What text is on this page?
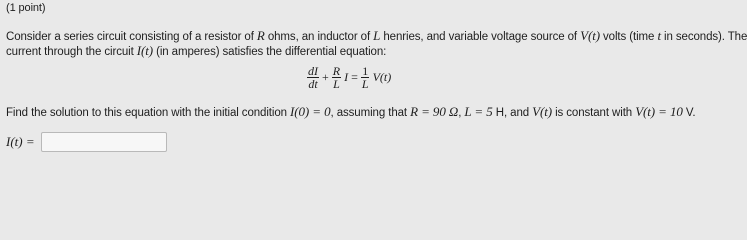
(1 point)
Consider a series circuit consisting of a resistor of R ohms, an inductor of L henries, and variable voltage source of V(t) volts (time t in seconds). The
current through the circuit I(t) (in amperes) satisfies the differential equation:
$\frac{dI}{dt} + \frac{R}{L}$ $I = \frac{1}{L} V(t)$
Find the solution to this equation with the initial condition I(0) = 0, assuming that R = 90 Ω, L = 5 H, and V(t) is constant with V(t) = 10 V.
I(t) =
